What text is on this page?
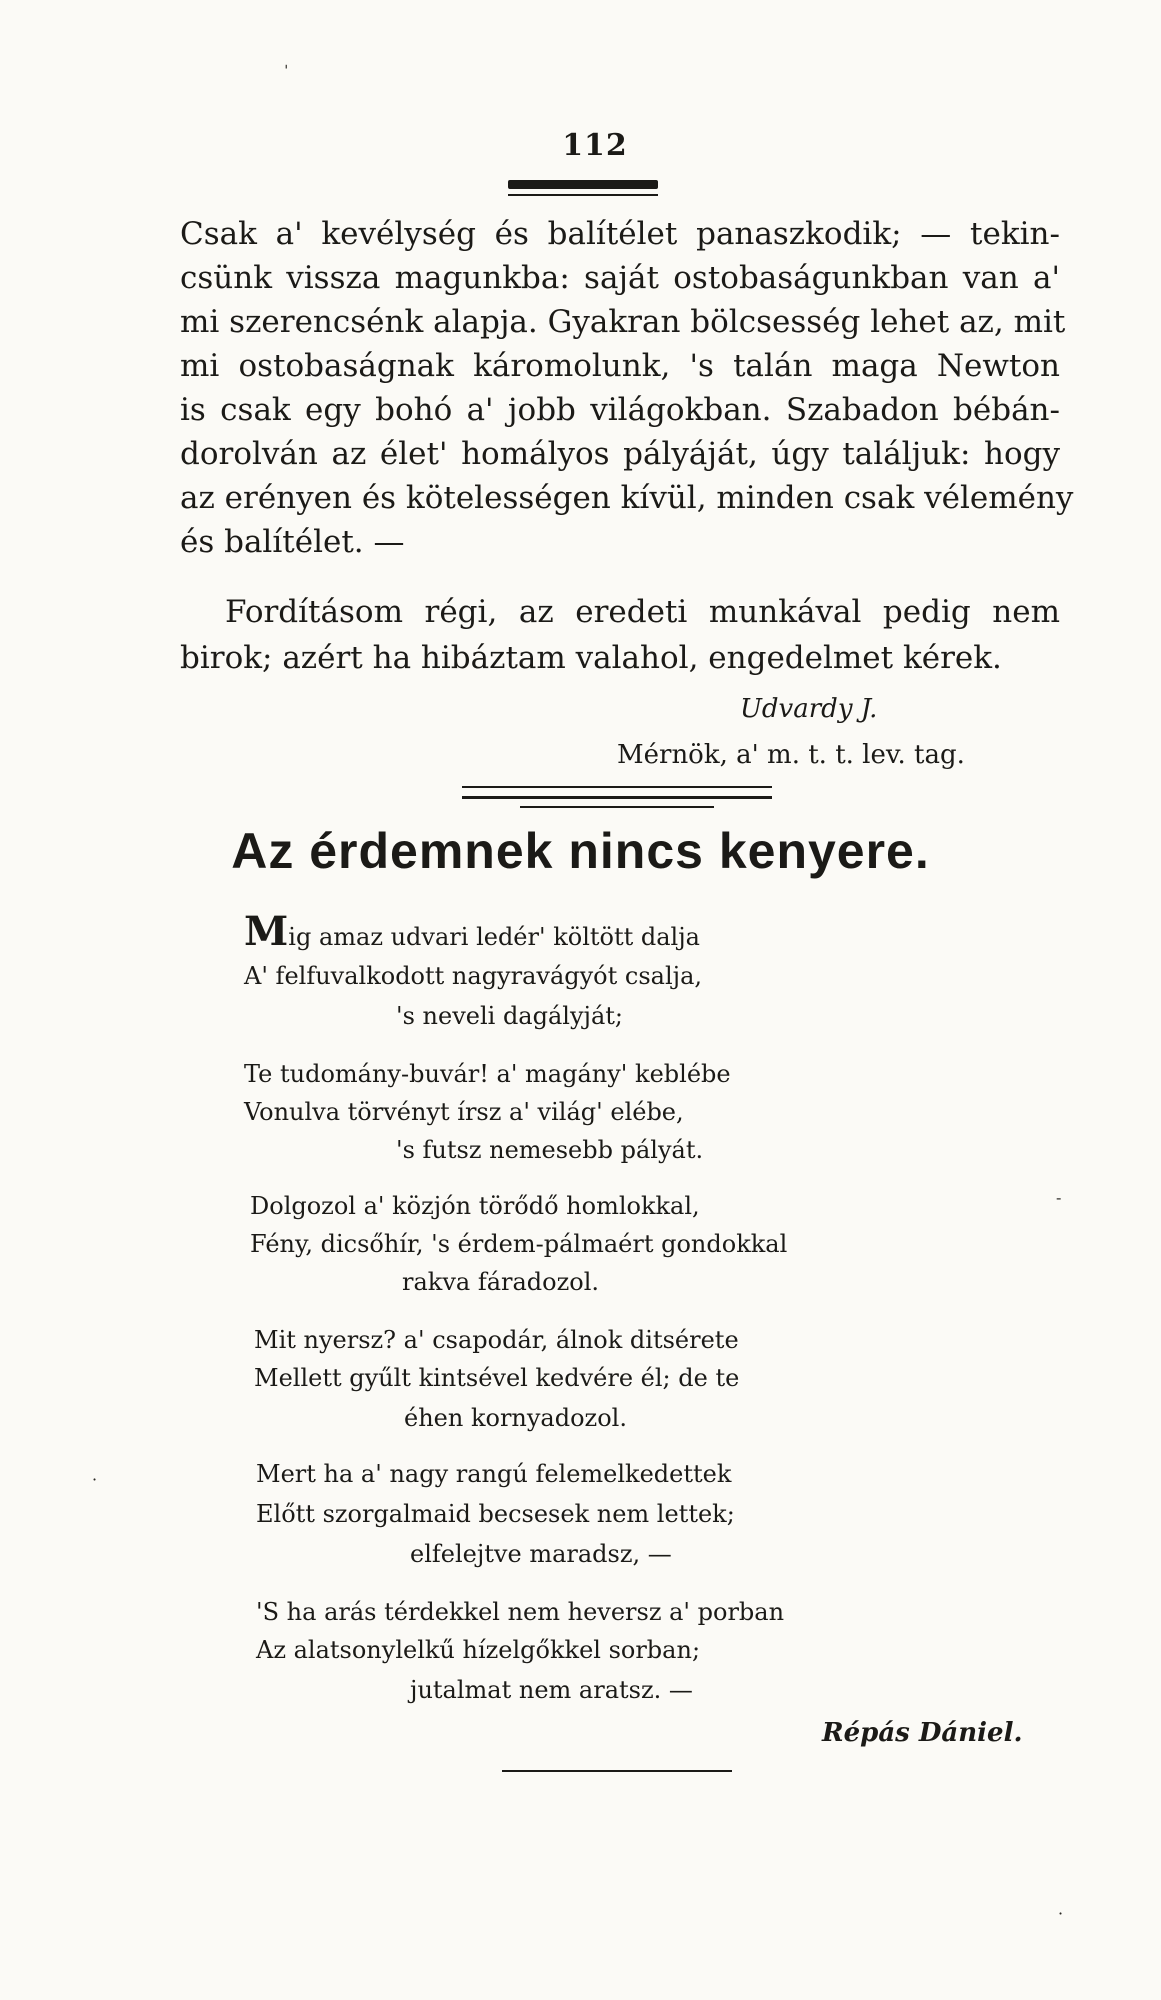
112
Csak a' kevélység és balítélet panaszkodik; — tekin-
csünk vissza magunkba: saját ostobaságunkban van a'
mi szerencsénk alapja. Gyakran bölcsesség lehet az, mit
mi ostobaságnak káromolunk, 's talán maga Newton
is csak egy bohó a' jobb világokban. Szabadon bébán-
dorolván az élet' homályos pályáját, úgy találjuk: hogy
az erényen és kötelességen kívül, minden csak vélemény
és balítélet. —
Fordításom régi, az eredeti munkával pedig nem
birok; azért ha hibáztam valahol, engedelmet kérek.
Udvardy J.
Mérnök, a' m. t. t. lev. tag.
Az érdemnek nincs kenyere.
Mig amaz udvari ledér' költött dalja
A' felfuvalkodott nagyravágyót csalja,
's neveli dagályját;
Te tudomány-buvár! a' magány' keblébe
Vonulva törvényt írsz a' világ' elébe,
's futsz nemesebb pályát.
Dolgozol a' közjón törődő homlokkal,
Fény, dicsőhír, 's érdem-pálmaért gondokkal
rakva fáradozol.
Mit nyersz? a' csapodár, álnok ditsérete
Mellett gyűlt kintsével kedvére él; de te
éhen kornyadozol.
Mert ha a' nagy rangú felemelkedettek
Előtt szorgalmaid becsesek nem lettek;
elfelejtve maradsz, —
'S ha arás térdekkel nem heversz a' porban
Az alatsonylelkű hízelgőkkel sorban;
jutalmat nem aratsz. —
Répás Dániel.
ˈ
-
·
·
